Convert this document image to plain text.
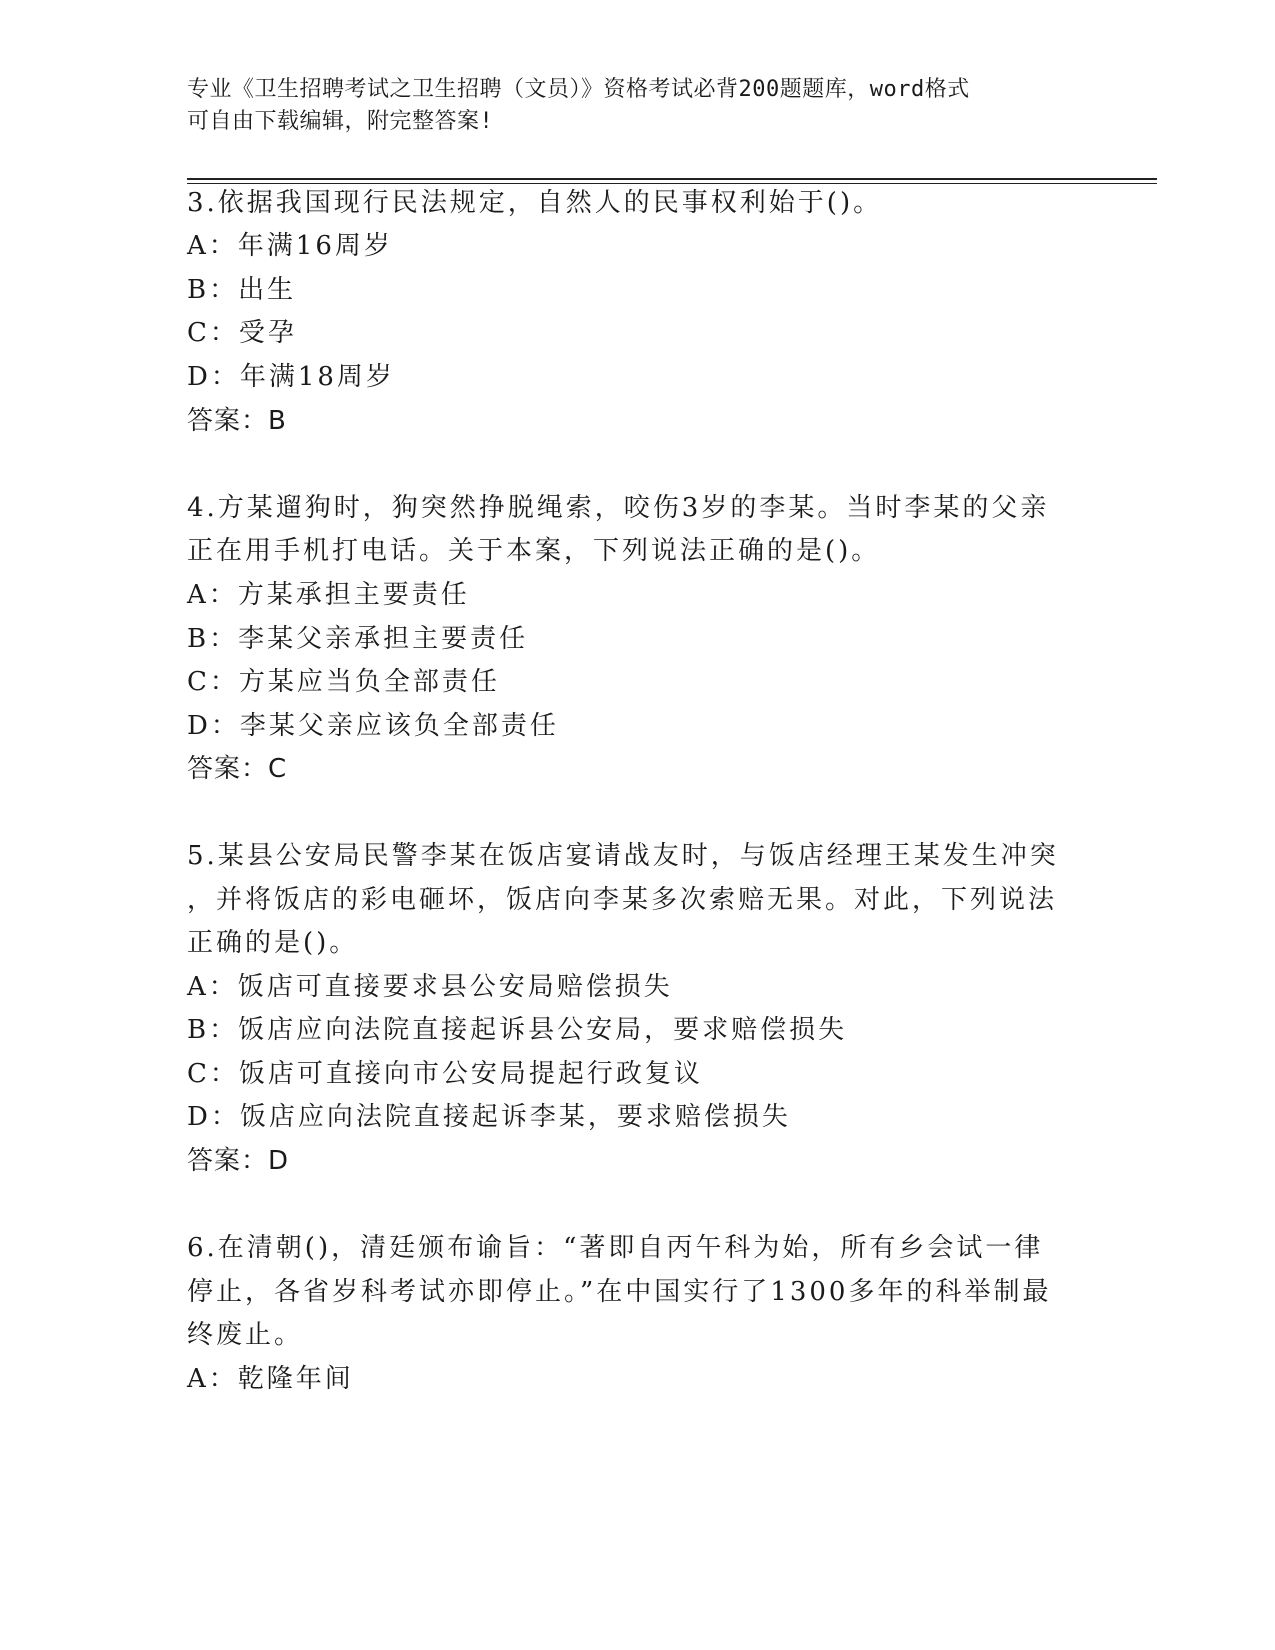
专业《卫生招聘考试之卫生招聘（文员）》资格考试必背200题题库，word格式
可自由下载编辑，附完整答案!
3.依据我国现行民法规定，自然人的民事权利始于()。
A：年满16周岁
B：出生
C：受孕
D：年满18周岁
答案：B
4.方某遛狗时，狗突然挣脱绳索，咬伤3岁的李某。当时李某的父亲
正在用手机打电话。关于本案，下列说法正确的是()。
A：方某承担主要责任
B：李某父亲承担主要责任
C：方某应当负全部责任
D：李某父亲应该负全部责任
答案：C
5.某县公安局民警李某在饭店宴请战友时，与饭店经理王某发生冲突
，并将饭店的彩电砸坏，饭店向李某多次索赔无果。对此，下列说法
正确的是()。
A：饭店可直接要求县公安局赔偿损失
B：饭店应向法院直接起诉县公安局，要求赔偿损失
C：饭店可直接向市公安局提起行政复议
D：饭店应向法院直接起诉李某，要求赔偿损失
答案：D
6.在清朝()，清廷颁布谕旨：“著即自丙午科为始，所有乡会试一律
停止，各省岁科考试亦即停止。”在中国实行了1300多年的科举制最
终废止。
A：乾隆年间
